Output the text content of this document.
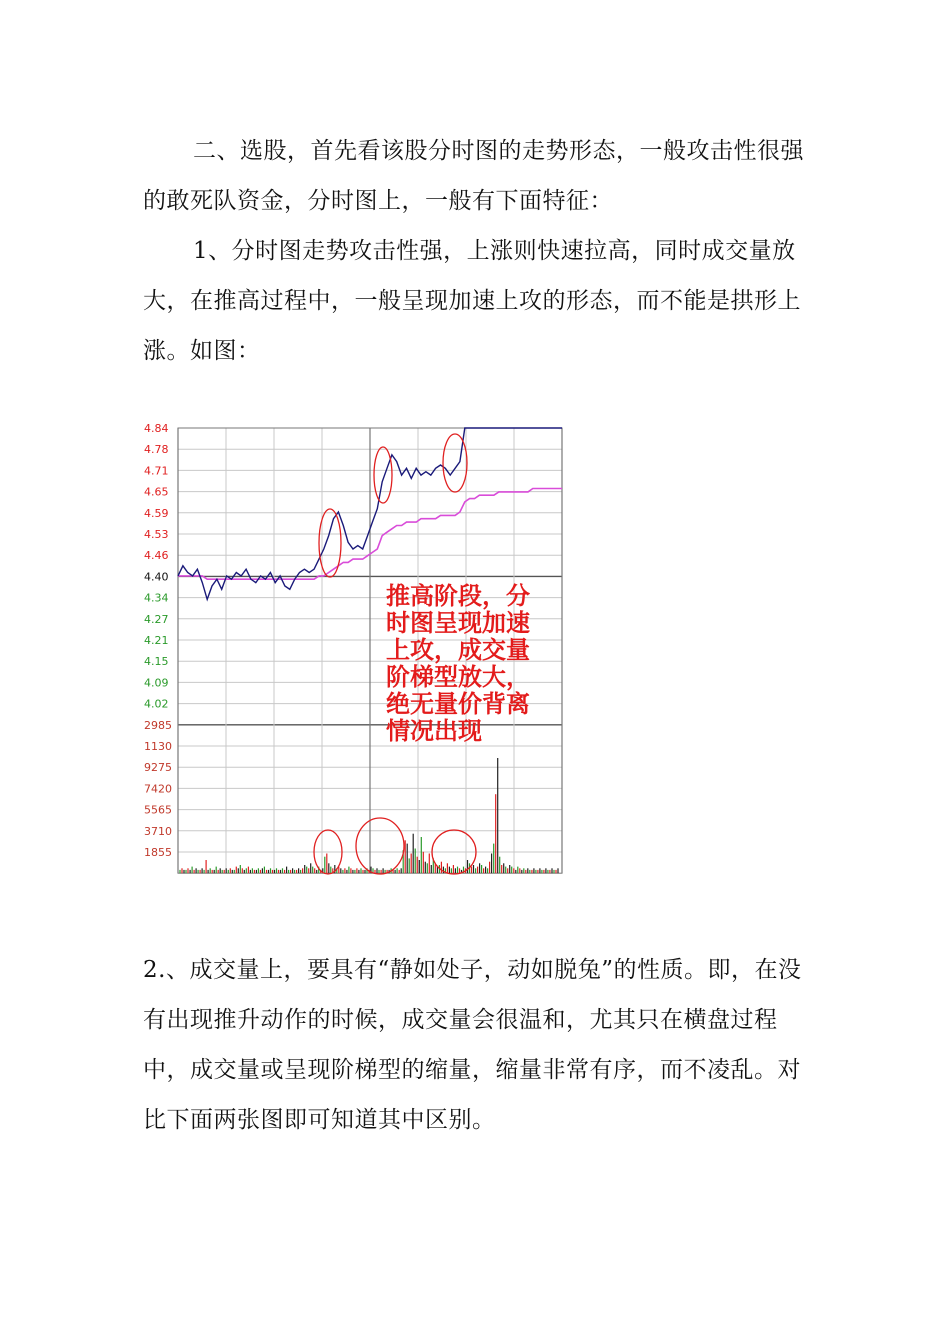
二、选股，首先看该股分时图的走势形态，一般攻击性很强的敢死队资金，分时图上，一般有下面特征：

1、分时图走势攻击性强，上涨则快速拉高，同时成交量放大，在推高过程中，一般呈现加速上攻的形态，而不能是拱形上涨。如图：

4.84
4.78
4.71
4.65
4.59
4.53
4.46
4.40
4.34
4.27
4.21
4.15
4.09
4.02
2985
1130
9275
7420
5565
3710
1855
推高阶段，分
时图呈现加速
上攻，成交量
阶梯型放大，
绝无量价背离
情况出现

2.、成交量上，要具有“静如处子，动如脱兔”的性质。即，在没有出现推升动作的时候，成交量会很温和，尤其只在横盘过程中，成交量或呈现阶梯型的缩量，缩量非常有序，而不凌乱。对比下面两张图即可知道其中区别。
